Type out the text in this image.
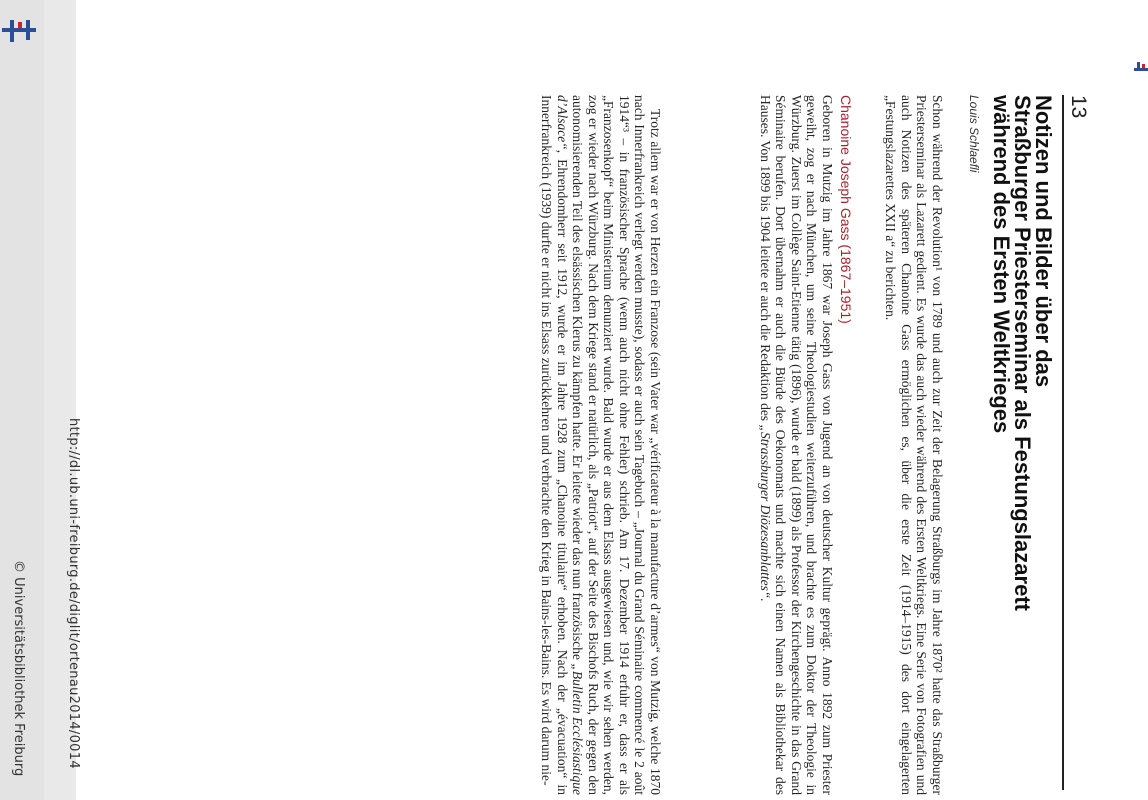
http://dl.ub.uni-freiburg.de/diglit/ortenau2014/0014
© Universitätsbibliothek Freiburg
13
Notizen und Bilder über das
Straßburger Priesterseminar als Festungslazarett
während des Ersten Weltkrieges
Louis Schlaefli

Schon während der Revolution¹ von 1789 und auch zur Zeit der Belagerung Straßburgs im Jahre 1870² hatte das Straßburger Priesterseminar als Lazarett gedient. Es wurde das auch wieder während des Ersten Weltkriegs. Eine Serie von Fotografien und auch Notizen des späteren Chanoine Gass ermöglichen es, über die erste Zeit (1914–1915) des dort eingelagerten „Festungslazarettes XXII a“ zu berichten.

Chanoine Joseph Gass (1867–1951)

Geboren in Mutzig im Jahre 1867 war Joseph Gass von Jugend an von deutscher Kultur geprägt. Anno 1892 zum Priester geweiht, zog er nach München, um seine Theologiestudien weiterzuführen, und brachte es zum Doktor der Theologie in Würzburg. Zuerst im Collège Saint-Etienne tätig (1896), wurde er bald (1899) als Professor der Kirchengeschichte in das Grand Séminaire berufen. Dort übernahm er auch die Bürde des Oekonomats und machte sich einen Namen als Bibliothekar des Hauses. Von 1899 bis 1904 leitete er auch die Redaktion des „Strassburger Diözesanblattes“.

Trotz allem war er von Herzen ein Franzose (sein Vater war „vérificateur à la manufacture d’armes“ von Mutzig, welche 1870 nach Innerfrankreich verlegt werden musste), sodass er auch sein Tagebuch – „Journal du Grand Séminaire commencé le 2 août 1914“³ – in französischer Sprache (wenn auch nicht ohne Fehler) schrieb. Am 17. Dezember 1914 erfuhr er, dass er als „Franzosenkopf“ beim Ministerium denunziert wurde. Bald wurde er aus dem Elsass ausgewiesen und, wie wir sehen werden, zog er wieder nach Würzburg. Nach dem Kriege stand er natürlich, als „Patriot“, auf der Seite des Bischofs Ruch, der gegen den autonomisierenden Teil des elsässischen Klerus zu kämpfen hatte. Er leitete wieder das nun französische „Bulletin Ecclésiastique d’Alsace“, Ehrendomherr seit 1912, wurde er im Jahre 1928 zum „Chanoine titulaire“ erhoben. Nach der „évacuation“ in Innerfrankreich (1939) durfte er nicht ins Elsass zurückkehren und verbrachte den Krieg in Bains-les-Bains. Es wird darum nie-
